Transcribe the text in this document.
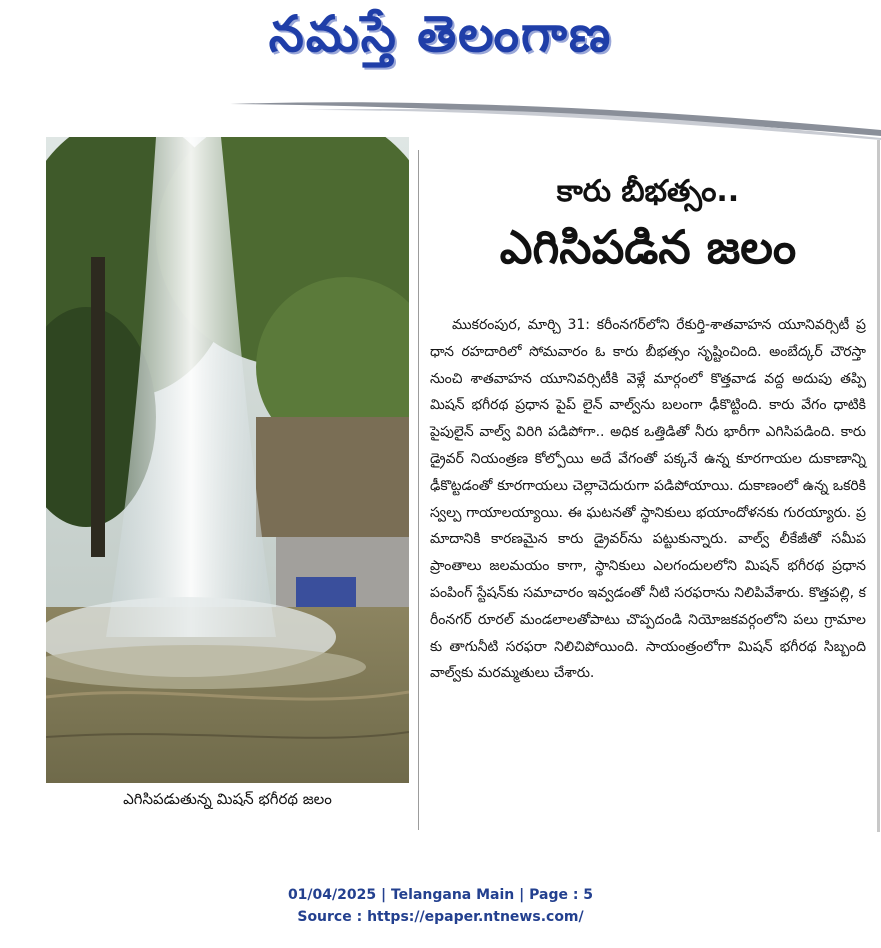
నమస్తే తెలంగాణ
ఎగిసిపడుతున్న మిషన్ భగీరథ జలం
కారు బీభత్సం..
ఎగిసిపడిన జలం
ముకరంపుర, మార్చి 31: కరీంనగర్‌లోని రేకుర్తి-శాతవాహన యూనివర్సిటీ ప్రధాన రహదారిలో సోమవారం ఓ కారు బీభత్సం సృష్టించింది. అంబేద్కర్ చౌరస్తా నుంచి శాతవాహన యూనివర్సిటీకి వెళ్లే మార్గంలో కొత్తవాడ వద్ద అదుపు తప్పి మిషన్ భగీరథ ప్రధాన పైప్ లైన్ వాల్వ్‌ను బలంగా ఢీకొట్టింది. కారు వేగం ధాటికి పైపులైన్ వాల్వ్ విరిగి పడిపోగా.. అధిక ఒత్తిడితో నీరు భారీగా ఎగిసిపడింది. కారు డ్రైవర్ నియంత్రణ కోల్పోయి అదే వేగంతో పక్కనే ఉన్న కూరగాయల దుకాణాన్ని ఢీకొట్టడంతో కూరగాయలు చెల్లాచెదురుగా పడిపోయాయి. దుకాణంలో ఉన్న ఒకరికి స్వల్ప గాయాలయ్యాయి. ఈ ఘటనతో స్థానికులు భయాందోళనకు గురయ్యారు. ప్రమాదానికి కారణమైన కారు డ్రైవర్‌ను పట్టుకున్నారు. వాల్వ్ లీకేజీతో సమీప ప్రాంతాలు జలమయం కాగా, స్థానికులు ఎలగందులలోని మిషన్ భగీరథ ప్రధాన పంపింగ్ స్టేషన్‌కు సమాచారం ఇవ్వడంతో నీటి సరఫరాను నిలిపివేశారు. కొత్తపల్లి, కరీంనగర్ రూరల్ మండలాలతోపాటు చొప్పదండి నియోజకవర్గంలోని పలు గ్రామాలకు తాగునీటి సరఫరా నిలిచిపోయింది. సాయంత్రంలోగా మిషన్ భగీరథ సిబ్బంది వాల్వ్‌కు మరమ్మతులు చేశారు.
01/04/2025 | Telangana Main | Page : 5
Source : https://epaper.ntnews.com/
